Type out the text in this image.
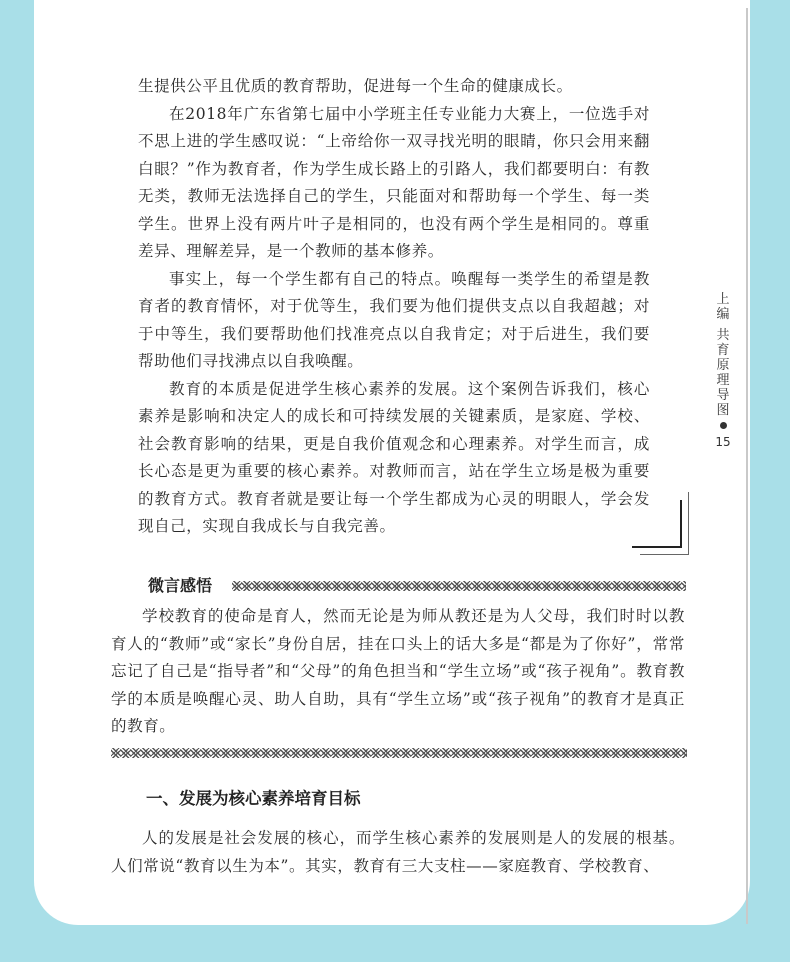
上
编
共
育
原
理
导
图
15

生提供公平且优质的教育帮助，促进每一个生命的健康成长。

在2018年广东省第七届中小学班主任专业能力大赛上，一位选手对不思上进的学生感叹说：“上帝给你一双寻找光明的眼睛，你只会用来翻白眼？”作为教育者，作为学生成长路上的引路人，我们都要明白：有教无类，教师无法选择自己的学生，只能面对和帮助每一个学生、每一类学生。世界上没有两片叶子是相同的，也没有两个学生是相同的。尊重差异、理解差异，是一个教师的基本修养。

事实上，每一个学生都有自己的特点。唤醒每一类学生的希望是教育者的教育情怀，对于优等生，我们要为他们提供支点以自我超越；对于中等生，我们要帮助他们找准亮点以自我肯定；对于后进生，我们要帮助他们寻找沸点以自我唤醒。

教育的本质是促进学生核心素养的发展。这个案例告诉我们，核心素养是影响和决定人的成长和可持续发展的关键素质，是家庭、学校、社会教育影响的结果，更是自我价值观念和心理素养。对学生而言，成长心态是更为重要的核心素养。对教师而言，站在学生立场是极为重要的教育方式。教育者就是要让每一个学生都成为心灵的明眼人，学会发现自己，实现自我成长与自我完善。

微言感悟

学校教育的使命是育人，然而无论是为师从教还是为人父母，我们时时以教育人的“教师”或“家长”身份自居，挂在口头上的话大多是“都是为了你好”，常常忘记了自己是“指导者”和“父母”的角色担当和“学生立场”或“孩子视角”。教育教学的本质是唤醒心灵、助人自助，具有“学生立场”或“孩子视角”的教育才是真正的教育。

一、发展为核心素养培育目标

人的发展是社会发展的核心，而学生核心素养的发展则是人的发展的根基。人们常说“教育以生为本”。其实，教育有三大支柱——家庭教育、学校教育、
